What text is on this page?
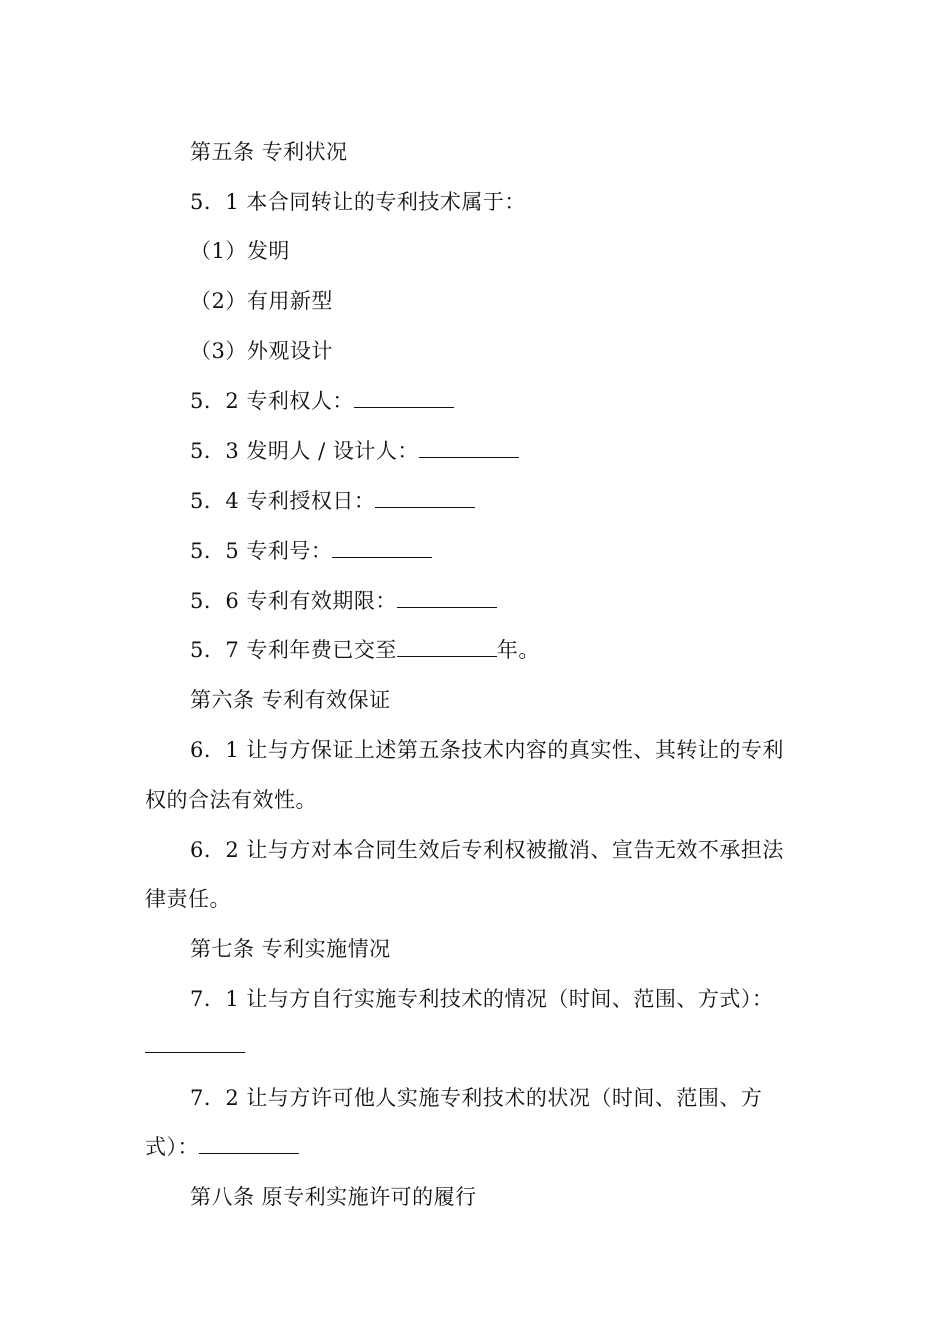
第五条 专利状况
5．1 本合同转让的专利技术属于：
（1）发明
（2）有用新型
（3）外观设计
5．2 专利权人：
5．3 发明人 / 设计人：
5．4 专利授权日：
5．5 专利号：
5．6 专利有效期限：
5．7 专利年费已交至	年。
第六条 专利有效保证
6．1 让与方保证上述第五条技术内容的真实性、其转让的专利
权的合法有效性。
6．2 让与方对本合同生效后专利权被撤消、宣告无效不承担法
律责任。
第七条 专利实施情况
7．1 让与方自行实施专利技术的情况（时间、范围、方式）：
7．2 让与方许可他人实施专利技术的状况（时间、范围、方
式）：
第八条 原专利实施许可的履行
